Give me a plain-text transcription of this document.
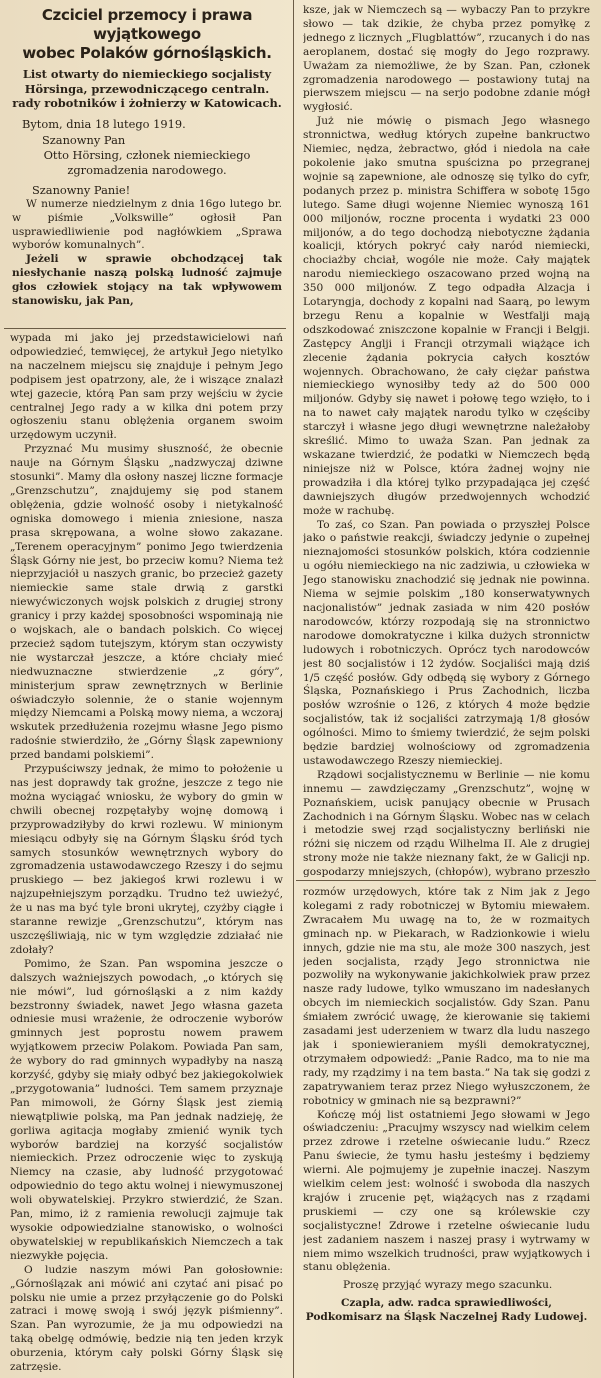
Czciciel przemocy i prawa wyjątkowego
wobec Polaków górnośląskich.
List otwarty do niemieckiego socjalisty Hörsinga, przewodniczącego centraln. rady robotników i żołnierzy w Katowicach.
Bytom, dnia 18 lutego 1919.
Szanowny Pan
Otto Hörsing, członek niemieckiego
zgromadzenia narodowego.
Szanowny Panie!

W numerze niedzielnym z dnia 16go lutego br. w piśmie „Volkswille” ogłosił Pan usprawiedliwienie pod nagłówkiem „Sprawa wyborów komunalnych”.

Jeżeli w sprawie obchodzącej tak niesłychanie naszą polską ludność zajmuje głos człowiek stojący na tak wpływowem stanowisku, jak Pan,

wypada mi jako jej przedstawicielowi nań odpowiedzieć, temwięcej, że artykuł Jego nietylko na naczelnem miejscu się znajduje i pełnym Jego podpisem jest opatrzony, ale, że i wiszące znalazł wtej gazecie, którą Pan sam przy wejściu w życie centralnej Jego rady a w kilka dni potem przy ogłoszeniu stanu oblężenia organem swoim urzędowym uczynił.

Przyznać Mu musimy słuszność, że obecnie nauje na Górnym Śląsku „nadzwyczaj dziwne stosunki”. Mamy dla osłony naszej liczne formacje „Grenzschutzu”, znajdujemy się pod stanem oblężenia, gdzie wolność osoby i nietykalność ogniska domowego i mienia zniesione, nasza prasa skrępowana, a wolne słowo zakazane. „Terenem operacyjnym” ponimo Jego twierdzenia Śląsk Górny nie jest, bo przeciw komu? Niema też nieprzyjaciół u naszych granic, bo przecież gazety niemieckie same stale drwią z garstki niewyćwiczonych wojsk polskich z drugiej strony granicy i przy każdej sposobności wspominają nie o wojskach, ale o bandach polskich. Co więcej przecież sądom tutejszym, którym stan oczywisty nie wystarczał jeszcze, a które chciały mieć niedwuznaczne stwierdzenie „z góry”, ministerjum spraw zewnętrznych w Berlinie oświadczyło solennie, że o stanie wojennym między Niemcami a Polską mowy niema, a wczoraj wskutek przedłużenia rozejmu własne Jego pismo radośnie stwierdziło, że „Górny Śląsk zapewniony przed bandami polskiemi”.

Przypuściwszy jednak, że mimo to położenie u nas jest doprawdy tak groźne, jeszcze z tego nie można wyciągać wniosku, że wybory do gmin w chwili obecnej rozpętałyby wojnę domową i przyprowadziłyby do krwi rozlewu. W minionym miesiącu odbyły się na Górnym Śląsku śród tych samych stosunków wewnętrznych wybory do zgromadzenia ustawodawczego Rzeszy i do sejmu pruskiego — bez jakiegoś krwi rozlewu i w najzupełniejszym porządku. Trudno też uwieżyć, że u nas ma być tyle broni ukrytej, czyżby ciągłe i staranne rewizje „Grenzschutzu”, którym nas uszczęśliwiają, nic w tym względzie zdziałać nie zdołały?

Pomimo, że Szan. Pan wspomina jeszcze o dalszych ważniejszych powodach, „o których się nie mówi”, lud górnośląski a z nim każdy bezstronny świadek, nawet Jego własna gazeta odniesie musi wrażenie, że odroczenie wyborów gminnych jest poprostu nowem prawem wyjątkowem przeciw Polakom. Powiada Pan sam, że wybory do rad gminnych wypadłyby na naszą korzyść, gdyby się miały odbyć bez jakiegokolwiek „przygotowania” ludności. Tem samem przyznaje Pan mimowoli, że Górny Śląsk jest ziemią niewątpliwie polską, ma Pan jednak nadzieję, że gorliwa agitacja mogłaby zmienić wynik tych wyborów bardziej na korzyść socjalistów niemieckich. Przez odroczenie więc to zyskują Niemcy na czasie, aby ludność przygotować odpowiednio do tego aktu wolnej i niewymuszonej woli obywatelskiej. Przykro stwierdzić, że Szan. Pan, mimo, iż z ramienia rewolucji zajmuje tak wysokie odpowiedzialne stanowisko, o wolności obywatelskiej w republikańskich Niemczech a tak niezwykłe pojęcia.

O ludzie naszym mówi Pan gołosłownie: „Górnoślązak ani mówić ani czytać ani pisać po polsku nie umie a przez przyłączenie go do Polski zatraci i mowę swoją i swój język piśmienny”. Szan. Pan wyrozumie, że ja mu odpowiedzi na taką obelgę odmówię, bedzie nią ten jeden krzyk oburzenia, którym cały polski Górny Śląsk się zatrzęsie.

ksze, jak w Niemczech są — wybaczy Pan to przykre słowo — tak dzikie, że chyba przez pomyłkę z jednego z licznych „Flugblattów”, rzucanych i do nas aeroplanem, dostać się mogły do Jego rozprawy. Uważam za niemożliwe, że by Szan. Pan, członek zgromadzenia narodowego — postawiony tutaj na pierwszem miejscu — na serjo podobne zdanie mógł wygłosić.

Już nie mówię o pismach Jego własnego stronnictwa, według których zupełne bankructwo Niemiec, nędza, żebractwo, głód i niedola na całe pokolenie jako smutna spuścizna po przegranej wojnie są zapewnione, ale odnoszę się tylko do cyfr, podanych przez p. ministra Schiffera w sobotę 15go lutego. Same długi wojenne Niemiec wynoszą 161 000 miljonów, roczne procenta i wydatki 23 000 miljonów, a do tego dochodzą niebotyczne żądania koalicji, których pokryć cały naród niemiecki, chociażby chciał, wogóle nie może. Cały majątek narodu niemieckiego oszacowano przed wojną na 350 000 miljonów. Z tego odpadła Alzacja i Lotaryngja, dochody z kopalni nad Saarą, po lewym brzegu Renu a kopalnie w Westfalji mają odszkodować zniszczone kopalnie w Francji i Belgji. Zastępcy Anglji i Francji otrzymali wiążące ich zlecenie żądania pokrycia całych kosztów wojennych. Obrachowano, że cały ciężar państwa niemieckiego wynosiłby tedy aż do 500 000 miljonów. Gdyby się nawet i połowę tego wzięło, to i na to nawet cały majątek narodu tylko w częściby starczył i własne jego długi wewnętrzne należałoby skreślić. Mimo to uważa Szan. Pan jednak za wskazane twierdzić, że podatki w Niemczech będą niniejsze niż w Polsce, która żadnej wojny nie prowadziła i dla której tylko przypadająca jej część dawniejszych długów przedwojennych wchodzić może w rachubę.

To zaś, co Szan. Pan powiada o przyszłej Polsce jako o państwie reakcji, świadczy jedynie o zupełnej nieznajomości stosunków polskich, która codziennie u ogółu niemieckiego na nic zadziwia, u człowieka w Jego stanowisku znachodzić się jednak nie powinna. Niema w sejmie polskim „180 konserwatywnych nacjonalistów” jednak zasiada w nim 420 posłów narodowców, którzy rozpodają się na stronnictwo narodowe domokratyczne i kilka dużych stronnictw ludowych i robotniczych. Oprócz tych narodowców jest 80 socjalistów i 12 żydów. Socjaliści mają dziś 1/5 część posłów. Gdy odbędą się wybory z Górnego Śląska, Poznańskiego i Prus Zachodnich, liczba posłów wzrośnie o 126, z których 4 może będzie socjalistów, tak iż socjaliści zatrzymają 1/8 głosów ogólności. Mimo to śmiemy twierdzić, że sejm polski będzie bardziej wolnościowy od zgromadzenia ustawodawczego Rzeszy niemieckiej.

Rządowi socjalistycznemu w Berlinie — nie komu innemu — zawdzięczamy „Grenzschutz”, wojnę w Poznańskiem, ucisk panujący obecnie w Prusach Zachodnich i na Górnym Śląsku. Wobec nas w celach i metodzie swej rząd socjalistyczny berliński nie różni się niczem od rządu Wilhelma II. Ale z drugiej strony może nie także nieznany fakt, że w Galicji np. gospodarzy mniejszych, (chłopów), wybrano przeszło

rozmów urzędowych, które tak z Nim jak z Jego kolegami z rady robotniczej w Bytomiu miewałem. Zwracałem Mu uwagę na to, że w rozmaitych gminach np. w Piekarach, w Radzionkowie i wielu innych, gdzie nie ma stu, ale może 300 naszych, jest jeden socjalista, rządy Jego stronnictwa nie pozwoliły na wykonywanie jakichkolwiek praw przez nasze rady ludowe, tylko wmuszano im nadesłanych obcych im niemieckich socjalistów. Gdy Szan. Panu śmiałem zwrócić uwagę, że kierowanie się takiemi zasadami jest uderzeniem w twarz dla ludu naszego jak i sponiewieraniem myśli demokratycznej, otrzymałem odpowiedź: „Panie Radco, ma to nie ma rady, my rządzimy i na tem basta.” Na tak się godzi z zapatrywaniem teraz przez Niego wyłuszczonem, że robotnicy w gminach nie są bezprawni?”

Kończę mój list ostatniemi Jego słowami w Jego oświadczeniu: „Pracujmy wszyscy nad wielkim celem przez zdrowe i rzetelne oświecanie ludu.” Rzecz Panu świecie, że tymu hasłu jesteśmy i będziemy wierni. Ale pojmujemy je zupełnie inaczej. Naszym wielkim celem jest: wolność i swoboda dla naszych krajów i zrucenie pęt, wiążących nas z rządami pruskiemi — czy one są królewskie czy socjalistyczne! Zdrowe i rzetelne oświecanie ludu jest zadaniem naszem i naszej prasy i wytrwamy w niem mimo wszelkich trudności, praw wyjątkowych i stanu oblężenia.

Proszę przyjąć wyrazy mego szacunku.

Czapla, adw. radca sprawiedliwości,

Podkomisarz na Śląsk Naczelnej Rady Ludowej.
